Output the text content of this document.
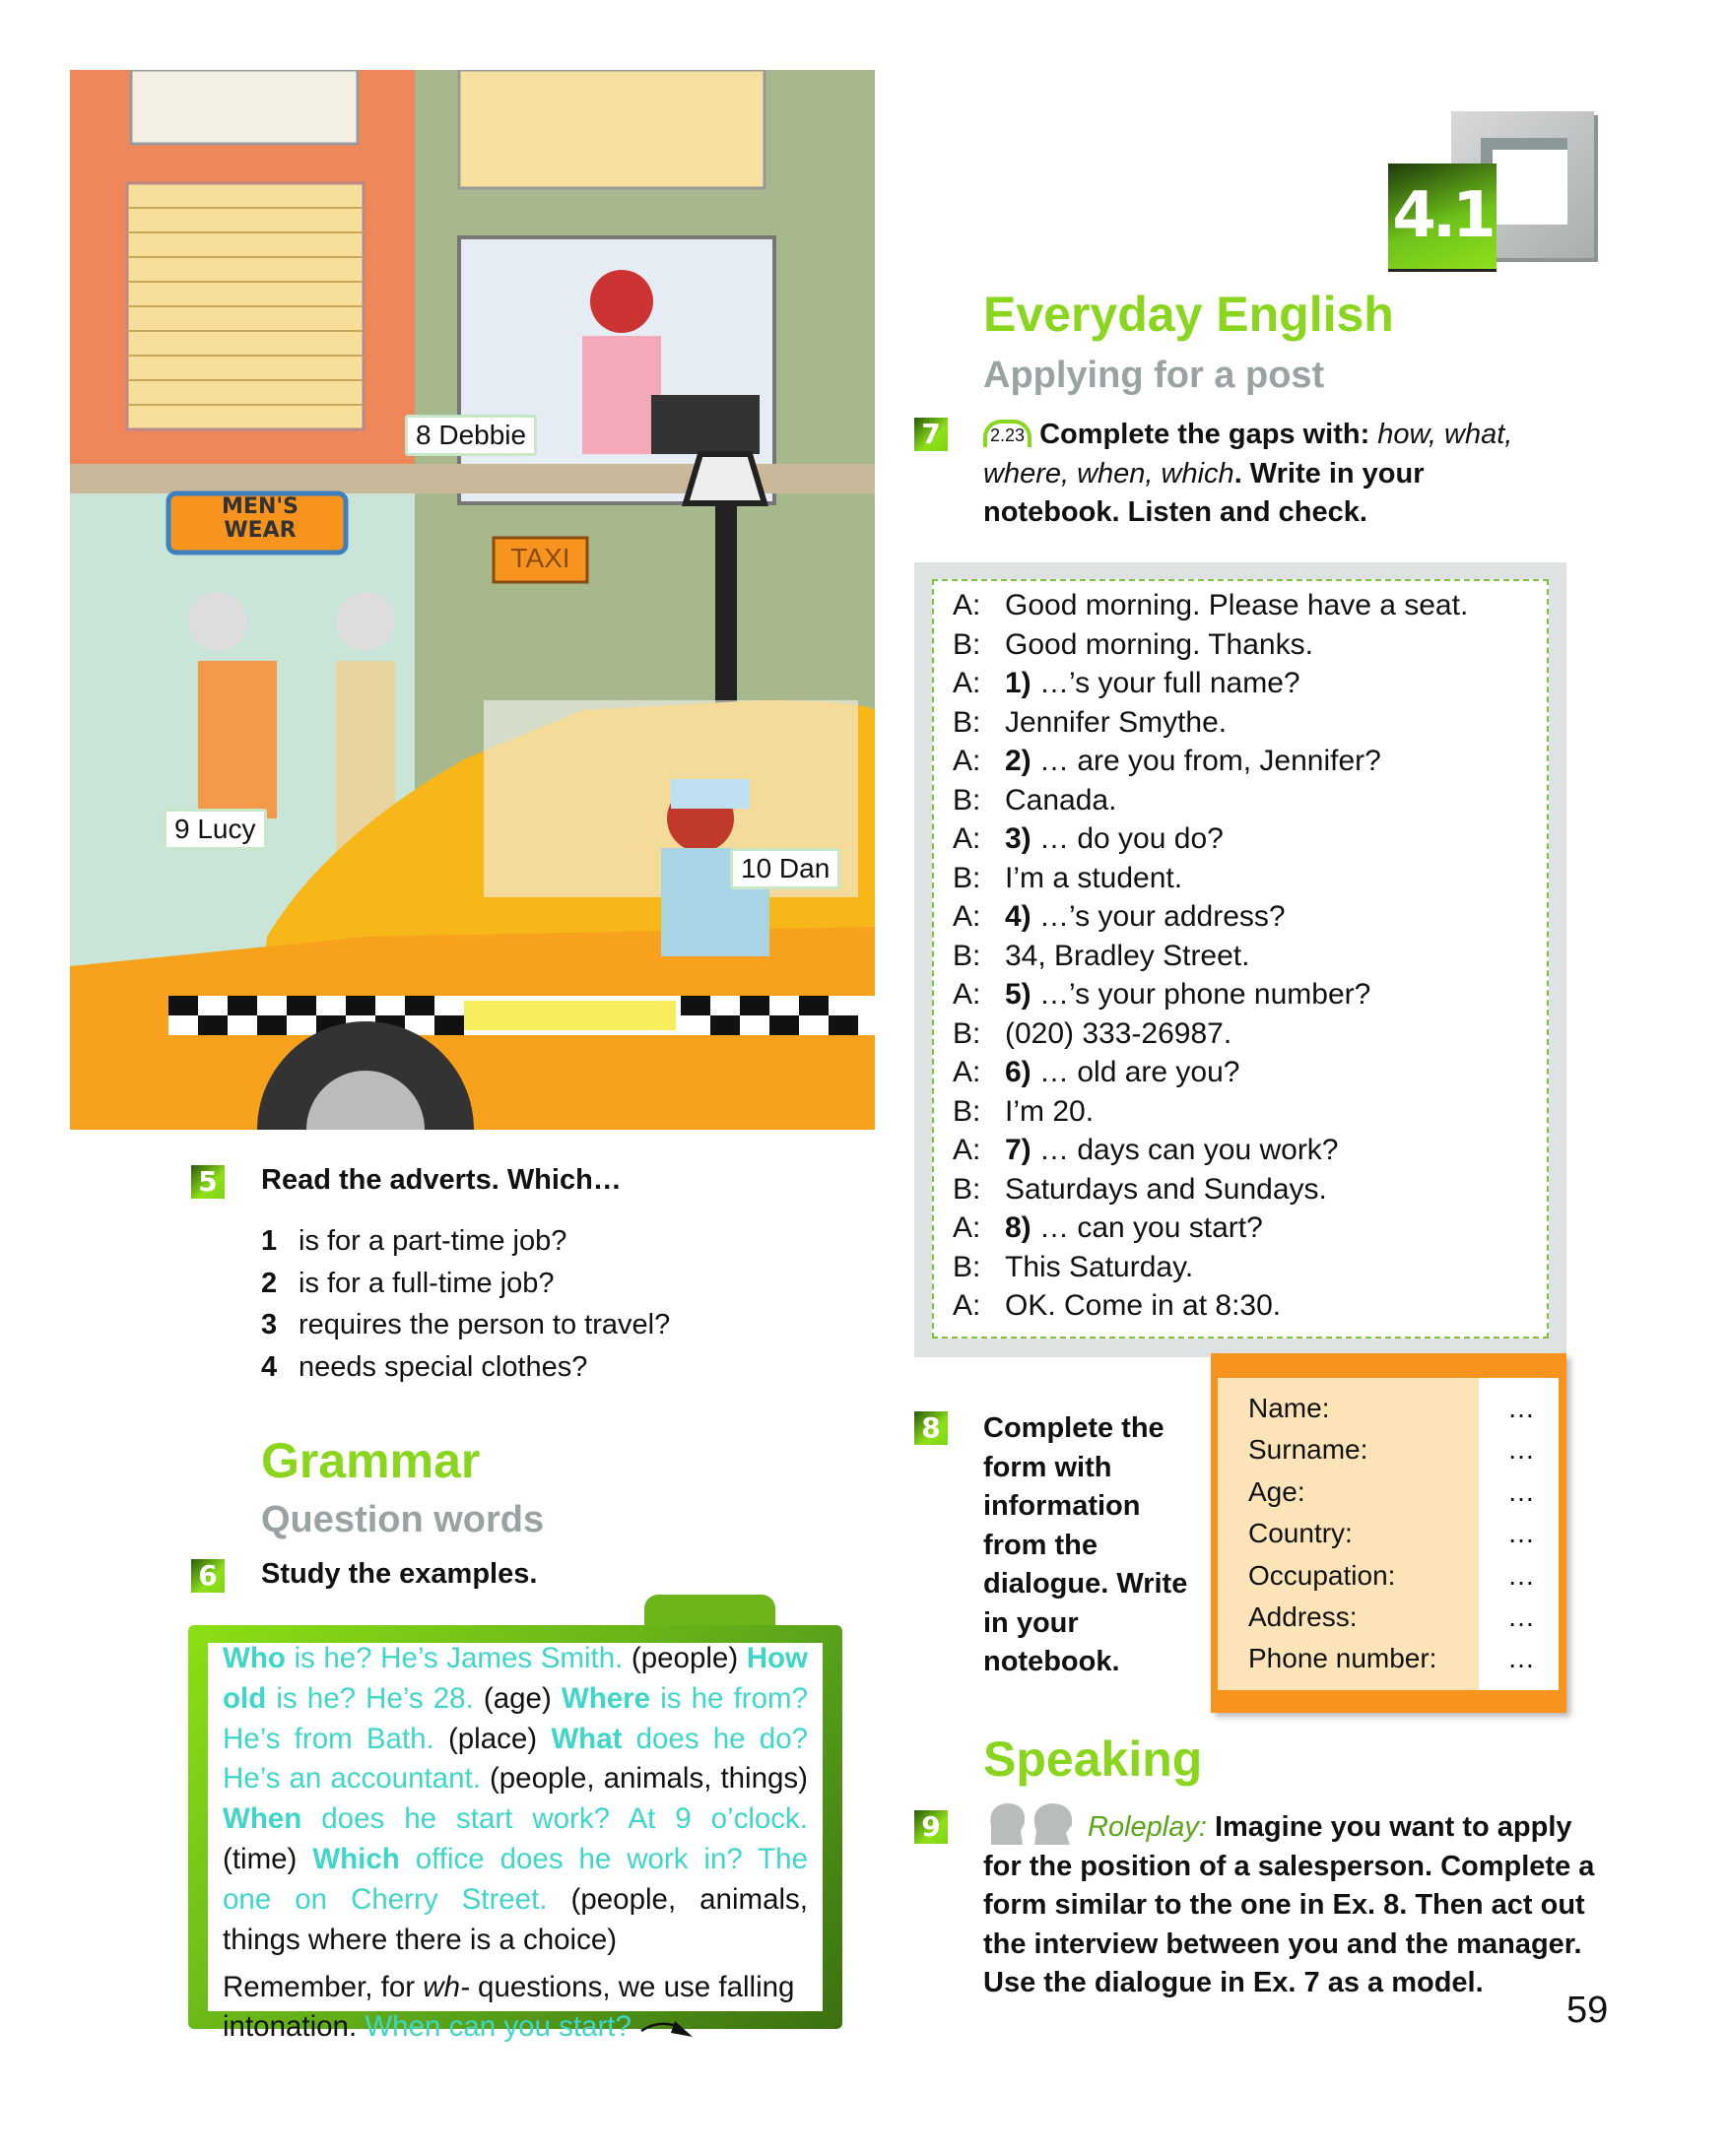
MEN'S WEAR
TAXI
8 Debbie
9 Lucy
10 Dan
4.1
Everyday English
Applying for a post
7	2.23 Complete the gaps with: how, what, where, when, which. Write in your notebook. Listen and check.
A: Good morning. Please have a seat.
B: Good morning. Thanks.
A: 1) …’s your full name?
B: Jennifer Smythe.
A: 2) … are you from, Jennifer?
B: Canada.
A: 3) … do you do?
B: I’m a student.
A: 4) …’s your address?
B: 34, Bradley Street.
A: 5) …’s your phone number?
B: (020) 333-26987.
A: 6) … old are you?
B: I’m 20.
A: 7) … days can you work?
B: Saturdays and Sundays.
A: 8) … can you start?
B: This Saturday.
A: OK. Come in at 8:30.
8 Complete the
form with
information
from the
dialogue. Write
in your
notebook.
Name:	…
Surname:	…
Age:	…
Country:	…
Occupation:	…
Address:	…
Phone number:	…
Speaking
9	Roleplay: Imagine you want to apply
for the position of a salesperson. Complete a
form similar to the one in Ex. 8. Then act out
the interview between you and the manager.
Use the dialogue in Ex. 7 as a model.
59
5 Read the adverts. Which…
1 is for a part-time job?
2 is for a full-time job?
3 requires the person to travel?
4 needs special clothes?
Grammar
Question words
6 Study the examples.
Who is he? He’s James Smith. (people) How old is he? He’s 28. (age) Where is he from? He’s from Bath. (place) What does he do? He’s an accountant. (people, animals, things) When does he start work? At 9 o’clock. (time) Which office does he work in? The one on Cherry Street. (people, animals, things where there is a choice)
Remember, for wh- questions, we use falling intonation. When can you start?
